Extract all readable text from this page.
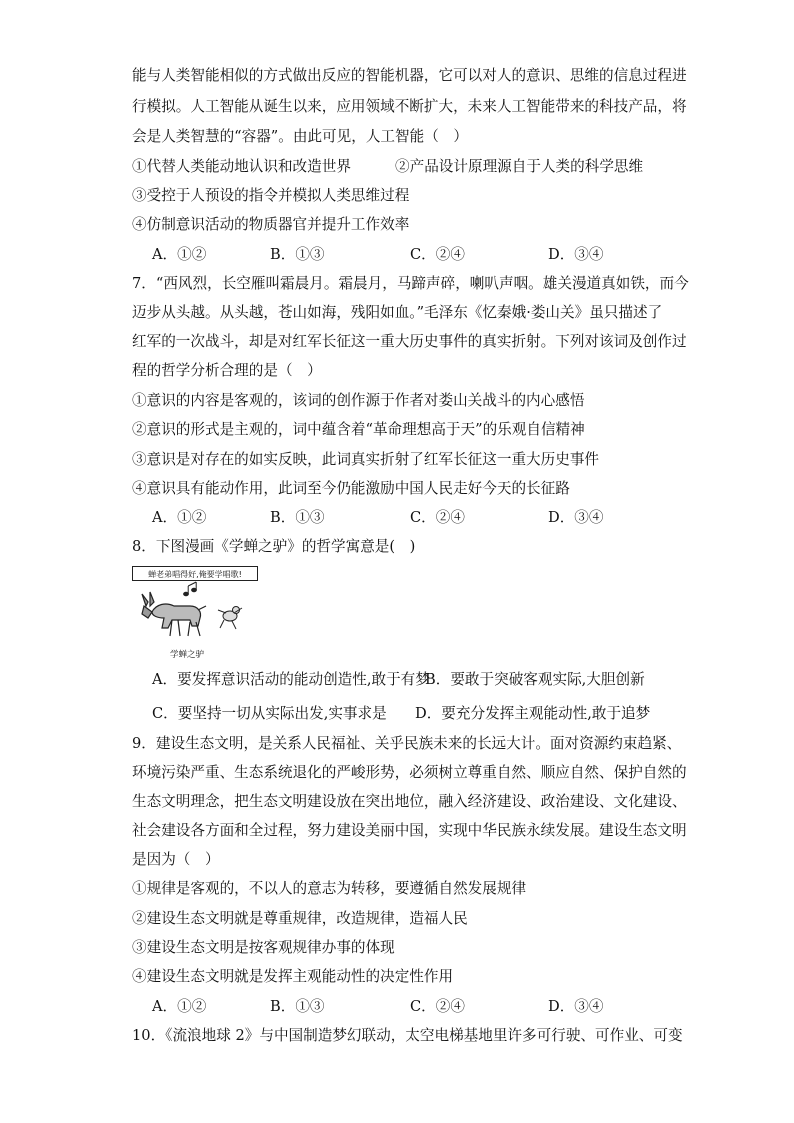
能与人类智能相似的方式做出反应的智能机器，它可以对人的意识、思维的信息过程进
行模拟。人工智能从诞生以来，应用领域不断扩大，未来人工智能带来的科技产品，将
会是人类智慧的“容器”。由此可见，人工智能（　）
①代替人类能动地认识和改造世界	②产品设计原理源自于人类的科学思维
③受控于人预设的指令并模拟人类思维过程
④仿制意识活动的物质器官并提升工作效率
A．①②	B．①③	C．②④	D．③④
7．“西风烈，长空雁叫霜晨月。霜晨月，马蹄声碎，喇叭声咽。雄关漫道真如铁，而今
迈步从头越。从头越，苍山如海，残阳如血。”毛泽东《忆秦娥·娄山关》虽只描述了
红军的一次战斗，却是对红军长征这一重大历史事件的真实折射。下列对该词及创作过
程的哲学分析合理的是（　）
①意识的内容是客观的，该词的创作源于作者对娄山关战斗的内心感悟
②意识的形式是主观的，词中蕴含着“革命理想高于天”的乐观自信精神
③意识是对存在的如实反映，此词真实折射了红军长征这一重大历史事件
④意识具有能动作用，此词至今仍能激励中国人民走好今天的长征路
A．①②	B．①③	C．②④	D．③④
8．下图漫画《学蝉之驴》的哲学寓意是(　)
蝉老弟唱得好,俺要学唱歌!
学蝉之驴
A．要发挥意识活动的能动创造性,敢于有梦
B．要敢于突破客观实际,大胆创新
C．要坚持一切从实际出发,实事求是 D．要充分发挥主观能动性,敢于追梦
9．建设生态文明，是关系人民福祉、关乎民族未来的长远大计。面对资源约束趋紧、
环境污染严重、生态系统退化的严峻形势，必须树立尊重自然、顺应自然、保护自然的
生态文明理念，把生态文明建设放在突出地位，融入经济建设、政治建设、文化建设、
社会建设各方面和全过程，努力建设美丽中国，实现中华民族永续发展。建设生态文明
是因为（　）
①规律是客观的，不以人的意志为转移，要遵循自然发展规律
②建设生态文明就是尊重规律，改造规律，造福人民
③建设生态文明是按客观规律办事的体现
④建设生态文明就是发挥主观能动性的决定性作用
A．①②	B．①③	C．②④	D．③④
10．《流浪地球 2》与中国制造梦幻联动，太空电梯基地里许多可行驶、可作业、可变
